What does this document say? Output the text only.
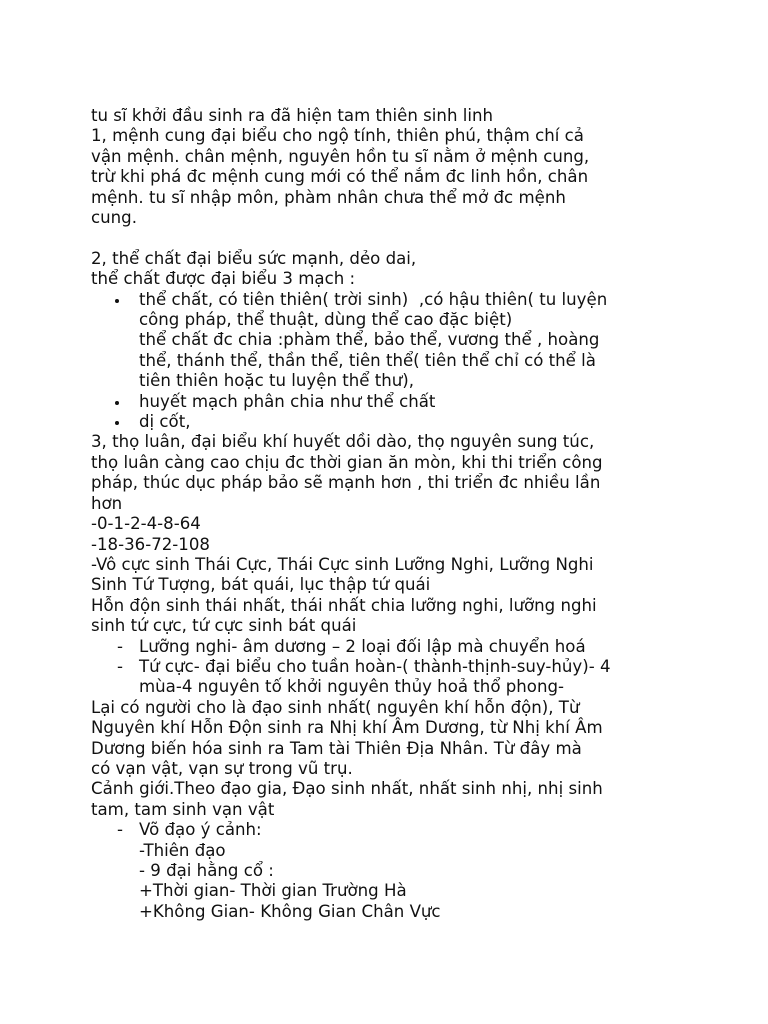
tu sĩ khởi đầu sinh ra đã hiện tam thiên sinh linh
1, mệnh cung đại biểu cho ngộ tính, thiên phú, thậm chí cả
vận mệnh. chân mệnh, nguyên hồn tu sĩ nằm ở mệnh cung,
trừ khi phá đc mệnh cung mới có thể nắm đc linh hồn, chân
mệnh. tu sĩ nhập môn, phàm nhân chưa thể mở đc mệnh
cung.
2, thể chất đại biểu sức mạnh, dẻo dai,
thể chất được đại biểu 3 mạch :
thể chất, có tiên thiên( trời sinh)  ,có hậu thiên( tu luyện
công pháp, thể thuật, dùng thể cao đặc biệt)
thể chất đc chia :phàm thể, bảo thể, vương thể , hoàng
thể, thánh thể, thần thể, tiên thể( tiên thể chỉ có thể là
tiên thiên hoặc tu luyện thể thư),
huyết mạch phân chia như thể chất
dị cốt,
3, thọ luân, đại biểu khí huyết dồi dào, thọ nguyên sung túc,
thọ luân càng cao chịu đc thời gian ăn mòn, khi thi triển công
pháp, thúc dục pháp bảo sẽ mạnh hơn , thi triển đc nhiều lần
hơn
-0-1-2-4-8-64
-18-36-72-108
-Vô cực sinh Thái Cực, Thái Cực sinh Lưỡng Nghi, Lưỡng Nghi
Sinh Tứ Tượng, bát quái, lục thập tứ quái
Hỗn độn sinh thái nhất, thái nhất chia lưỡng nghi, lưỡng nghi
sinh tứ cực, tứ cực sinh bát quái
- Lưỡng nghi- âm dương – 2 loại đối lập mà chuyển hoá
- Tứ cực- đại biểu cho tuần hoàn-( thành-thịnh-suy-hủy)- 4
mùa-4 nguyên tố khởi nguyên thủy hoả thổ phong-
Lại có người cho là đạo sinh nhất( nguyên khí hỗn độn), Từ
Nguyên khí Hỗn Độn sinh ra Nhị khí Âm Dương, từ Nhị khí Âm
Dương biến hóa sinh ra Tam tài Thiên Địa Nhân. Từ đây mà
có vạn vật, vạn sự trong vũ trụ.
Cảnh giới.Theo đạo gia, Đạo sinh nhất, nhất sinh nhị, nhị sinh
tam, tam sinh vạn vật
- Võ đạo ý cảnh:
-Thiên đạo
- 9 đại hằng cổ :
+Thời gian- Thời gian Trường Hà
+Không Gian- Không Gian Chân Vực
